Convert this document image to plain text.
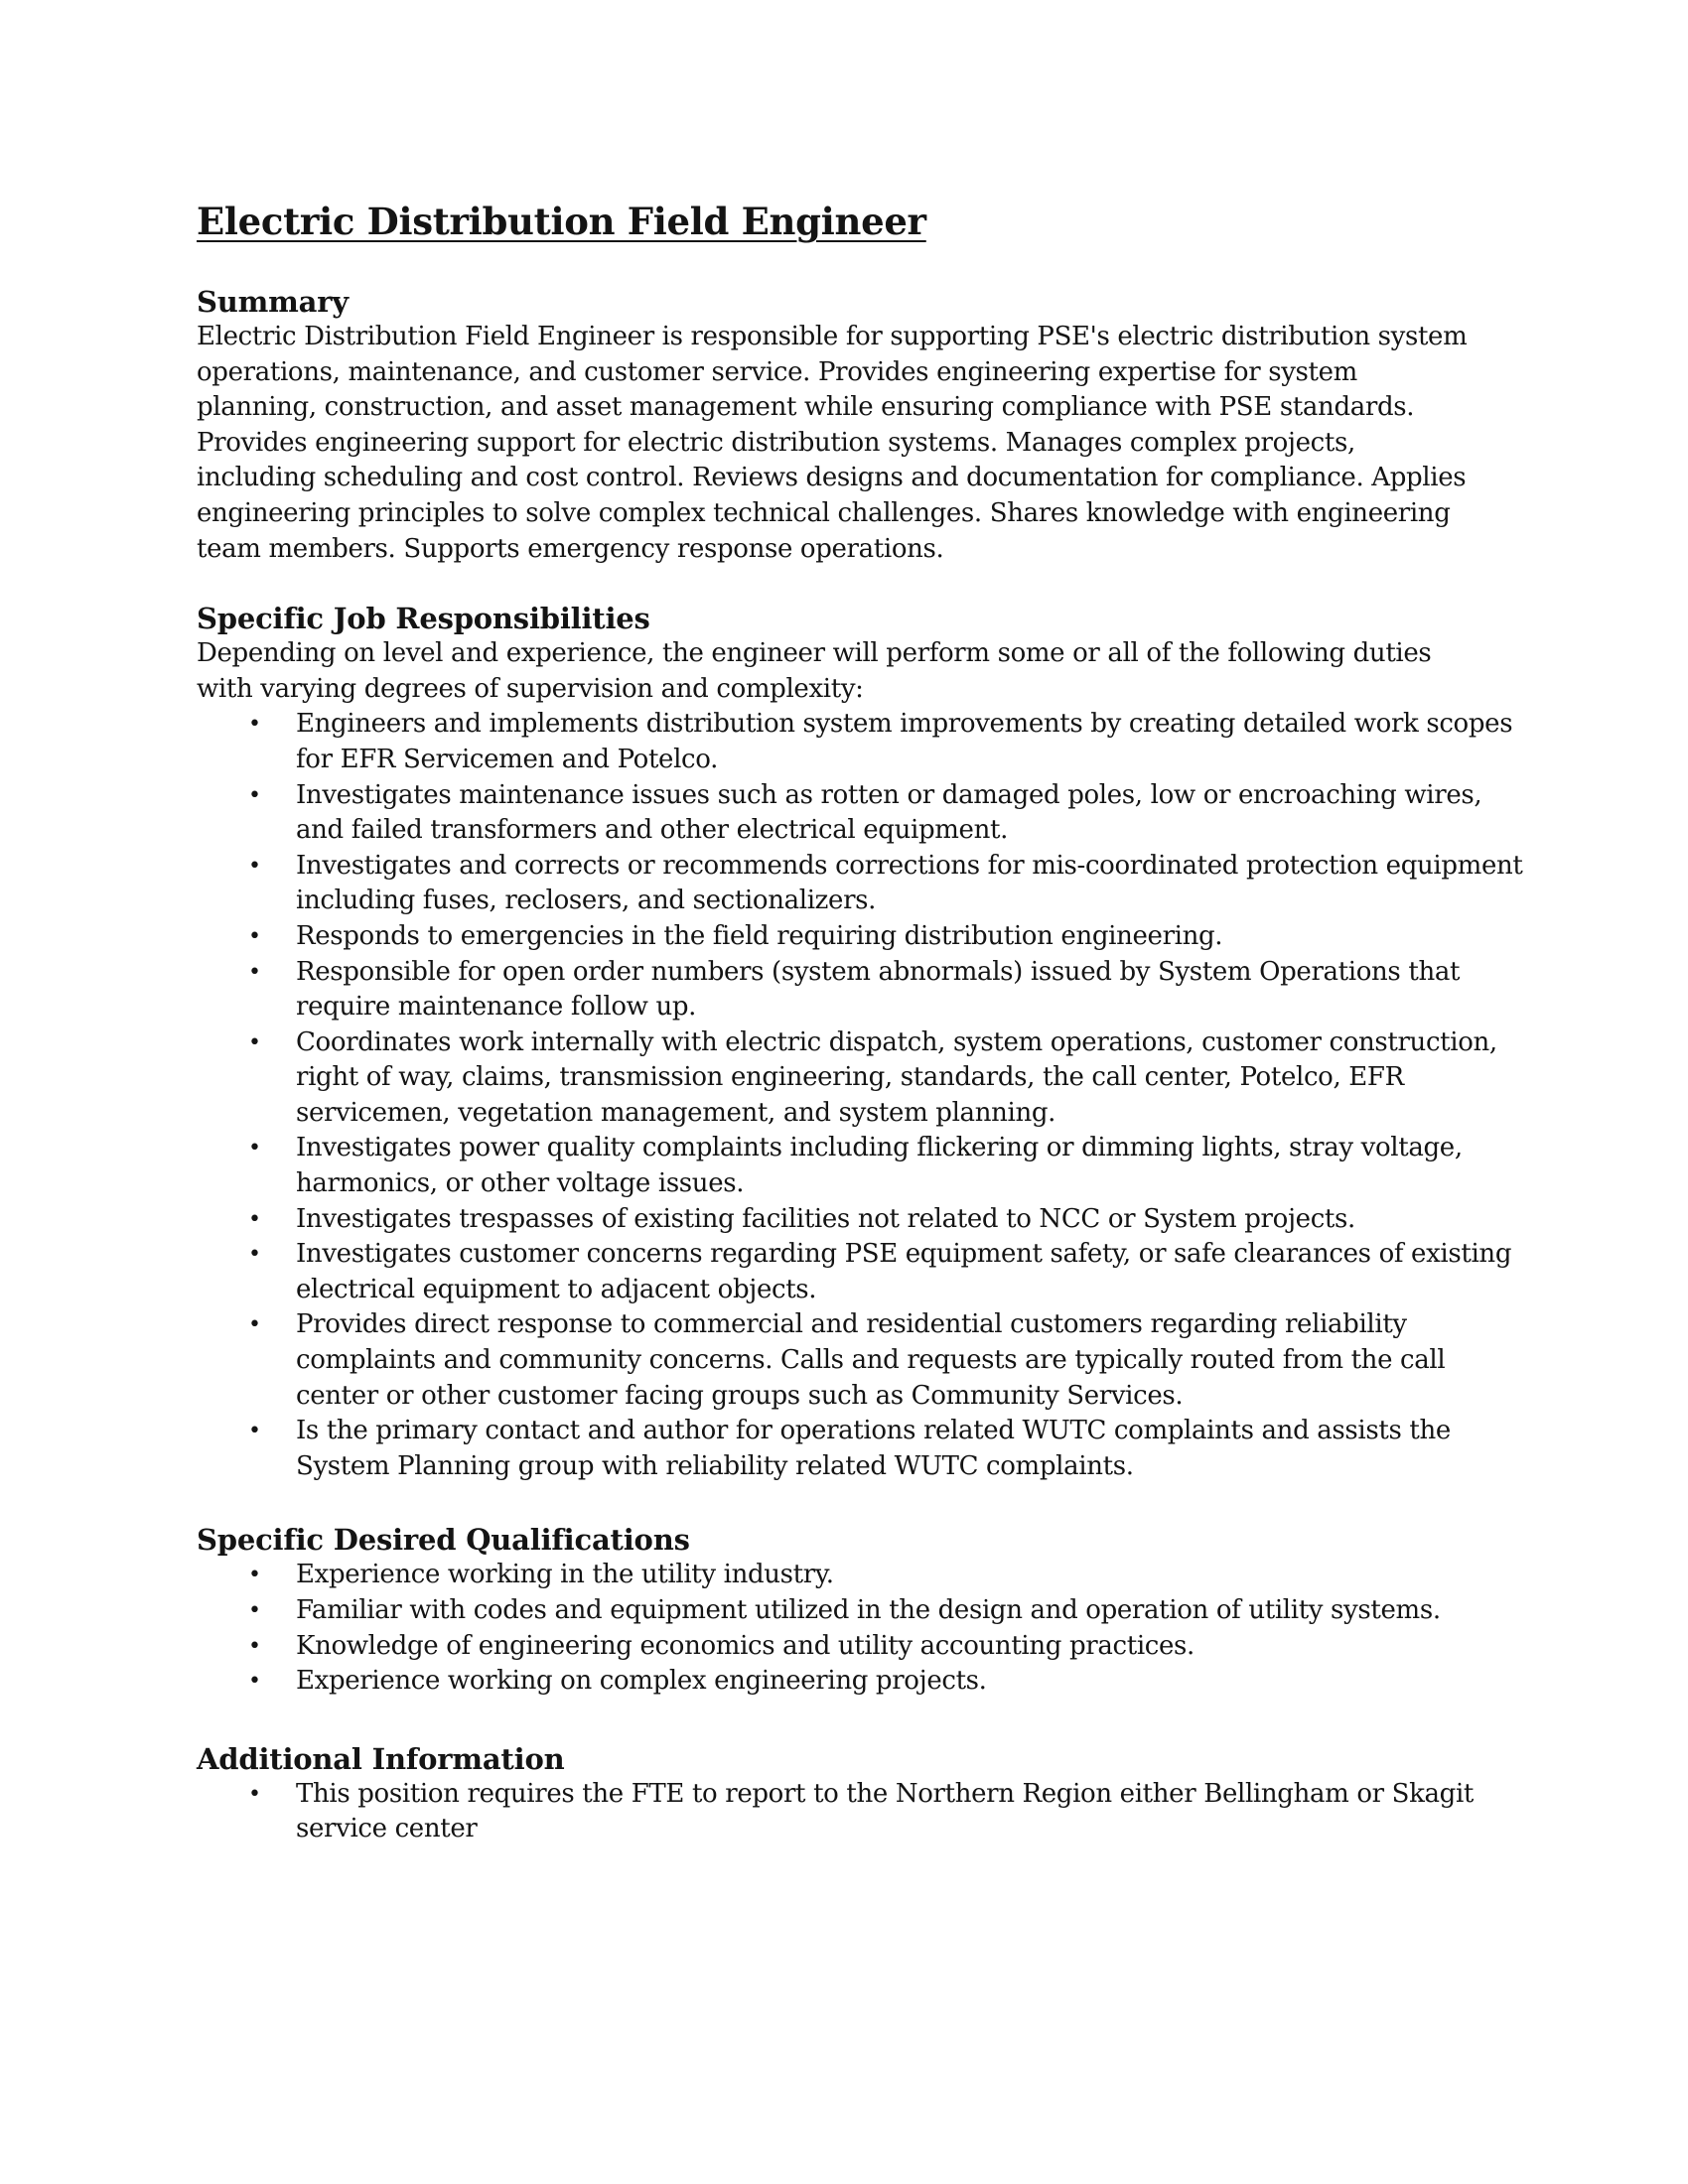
Electric Distribution Field Engineer
Summary

Electric Distribution Field Engineer is responsible for supporting PSE's electric distribution system operations, maintenance, and customer service. Provides engineering expertise for system planning, construction, and asset management while ensuring compliance with PSE standards. Provides engineering support for electric distribution systems. Manages complex projects, including scheduling and cost control. Reviews designs and documentation for compliance. Applies engineering principles to solve complex technical challenges. Shares knowledge with engineering team members. Supports emergency response operations.

Specific Job Responsibilities

Depending on level and experience, the engineer will perform some or all of the following duties with varying degrees of supervision and complexity:

• Engineers and implements distribution system improvements by creating detailed work scopes for EFR Servicemen and Potelco.
• Investigates maintenance issues such as rotten or damaged poles, low or encroaching wires, and failed transformers and other electrical equipment.
• Investigates and corrects or recommends corrections for mis-coordinated protection equipment including fuses, reclosers, and sectionalizers.
• Responds to emergencies in the field requiring distribution engineering.
• Responsible for open order numbers (system abnormals) issued by System Operations that require maintenance follow up.
• Coordinates work internally with electric dispatch, system operations, customer construction, right of way, claims, transmission engineering, standards, the call center, Potelco, EFR servicemen, vegetation management, and system planning.
• Investigates power quality complaints including flickering or dimming lights, stray voltage, harmonics, or other voltage issues.
• Investigates trespasses of existing facilities not related to NCC or System projects.
• Investigates customer concerns regarding PSE equipment safety, or safe clearances of existing electrical equipment to adjacent objects.
• Provides direct response to commercial and residential customers regarding reliability complaints and community concerns. Calls and requests are typically routed from the call center or other customer facing groups such as Community Services.
• Is the primary contact and author for operations related WUTC complaints and assists the System Planning group with reliability related WUTC complaints.
Specific Desired Qualifications
• Experience working in the utility industry.
• Familiar with codes and equipment utilized in the design and operation of utility systems.
• Knowledge of engineering economics and utility accounting practices.
• Experience working on complex engineering projects.
Additional Information
• This position requires the FTE to report to the Northern Region either Bellingham or Skagit service center
